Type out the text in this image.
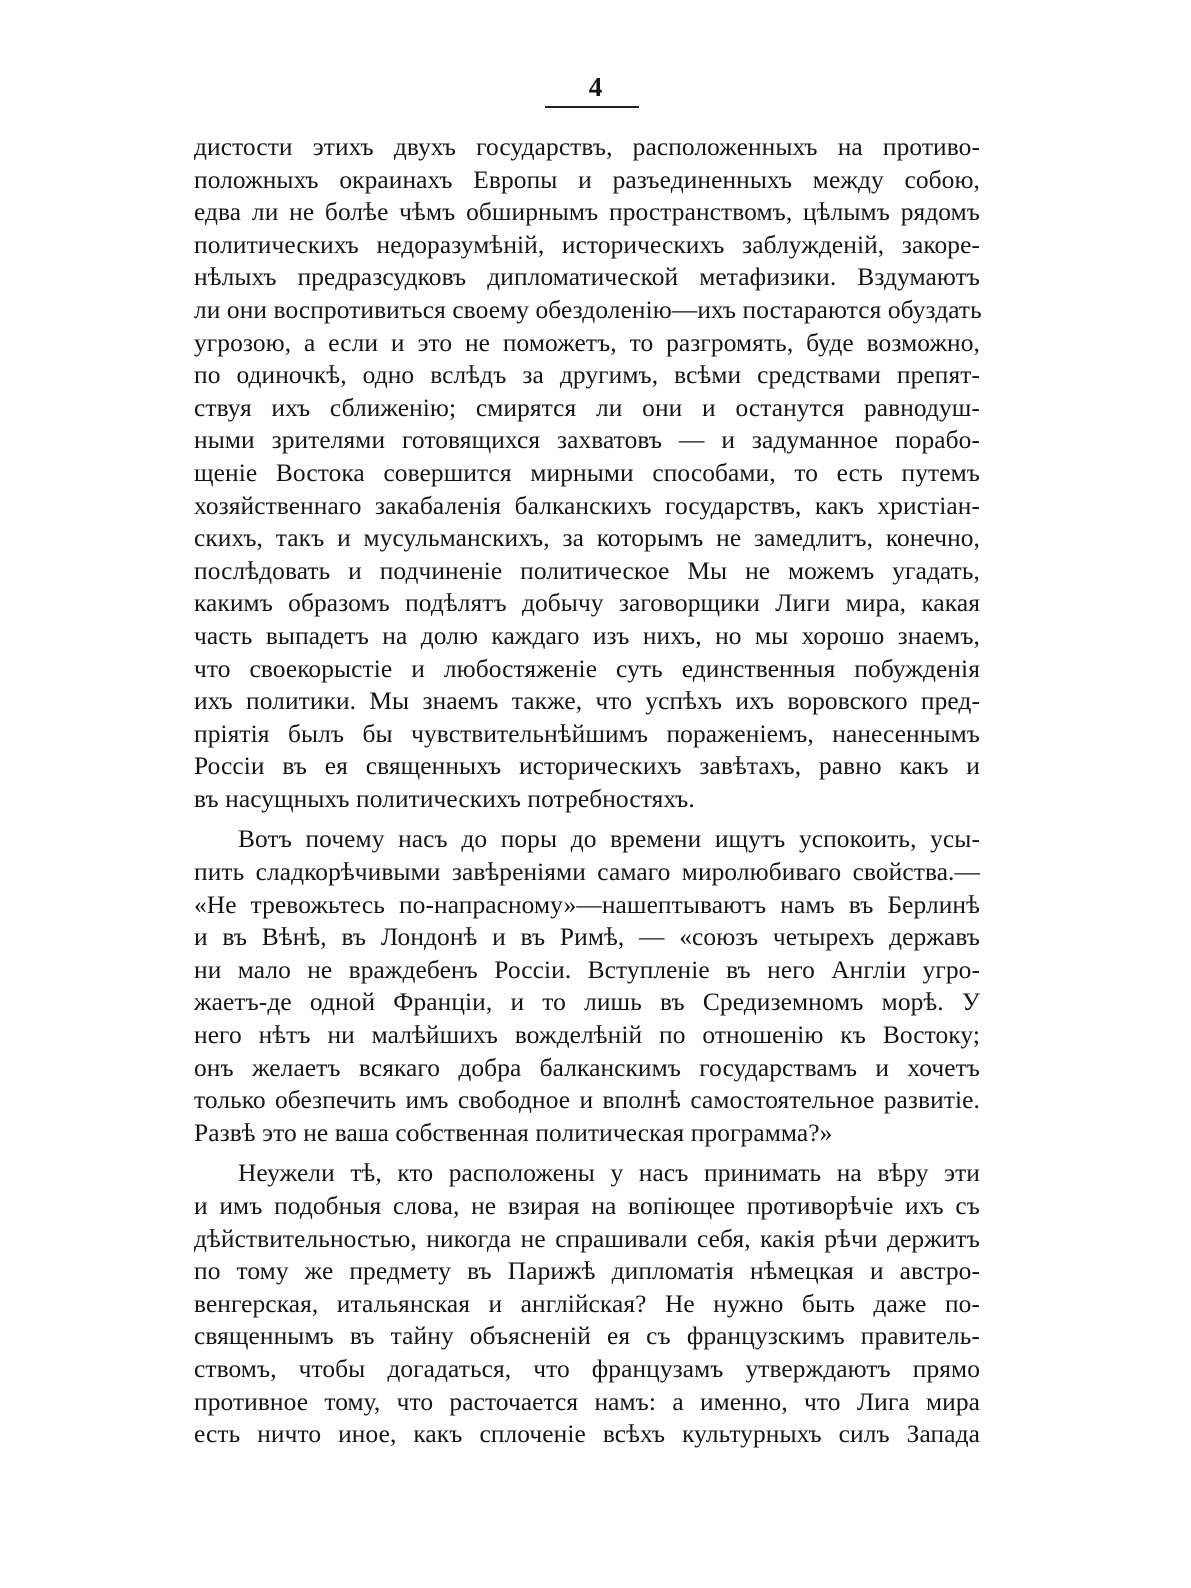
4
дистости этихъ двухъ государствъ, расположенныхъ на противо-
положныхъ окраинахъ Европы и разъединенныхъ между собою,
едва ли не болѣе чѣмъ обширнымъ пространствомъ, цѣлымъ рядомъ
политическихъ недоразумѣній, историческихъ заблужденій, закоре-
нѣлыхъ предразсудковъ дипломатической метафизики. Вздумаютъ
ли они воспротивиться своему обездоленію—ихъ постараются обуздать
угрозою, а если и это не поможетъ, то разгромять, буде возможно,
по одиночкѣ, одно вслѣдъ за другимъ, всѣми средствами препят-
ствуя ихъ сближенію; смирятся ли они и останутся равнодуш-
ными зрителями готовящихся захватовъ — и задуманное порабо-
щеніе Востока совершится мирными способами, то есть путемъ
хозяйственнаго закабаленія балканскихъ государствъ, какъ христіан-
скихъ, такъ и мусульманскихъ, за которымъ не замедлитъ, конечно,
послѣдовать и подчиненіе политическое Мы не можемъ угадать,
какимъ образомъ подѣлятъ добычу заговорщики Лиги мира, какая
часть выпадетъ на долю каждаго изъ нихъ, но мы хорошо знаемъ,
что своекорыстіе и любостяженіе суть единственныя побужденія
ихъ политики. Мы знаемъ также, что успѣхъ ихъ воровского пред-
пріятія былъ бы чувствительнѣйшимъ пораженіемъ, нанесеннымъ
Россіи въ ея священныхъ историческихъ завѣтахъ, равно какъ и
въ насущныхъ политическихъ потребностяхъ.
Вотъ почему насъ до поры до времени ищутъ успокоить, усы-
пить сладкорѣчивыми завѣреніями самаго миролюбиваго свойства.—
«Не тревожьтесь по-напрасному»—нашептываютъ намъ въ Берлинѣ
и въ Вѣнѣ, въ Лондонѣ и въ Римѣ, — «союзъ четырехъ державъ
ни мало не враждебенъ Россіи. Вступленіе въ него Англіи угро-
жаетъ-де одной Франціи, и то лишь въ Средиземномъ морѣ. У
него нѣтъ ни малѣйшихъ вожделѣній по отношенію къ Востоку;
онъ желаетъ всякаго добра балканскимъ государствамъ и хочетъ
только обезпечить имъ свободное и вполнѣ самостоятельное развитіе.
Развѣ это не ваша собственная политическая программа?»
Неужели тѣ, кто расположены у насъ принимать на вѣру эти
и имъ подобныя слова, не взирая на вопіющее противорѣчіе ихъ съ
дѣйствительностью, никогда не спрашивали себя, какія рѣчи держитъ
по тому же предмету въ Парижѣ дипломатія нѣмецкая и австро-
венгерская, итальянская и англійская? Не нужно быть даже по-
священнымъ въ тайну объясненій ея съ французскимъ правитель-
ствомъ, чтобы догадаться, что французамъ утверждаютъ прямо
противное тому, что расточается намъ: а именно, что Лига мира
есть ничто иное, какъ сплоченіе всѣхъ культурныхъ силъ Запада
